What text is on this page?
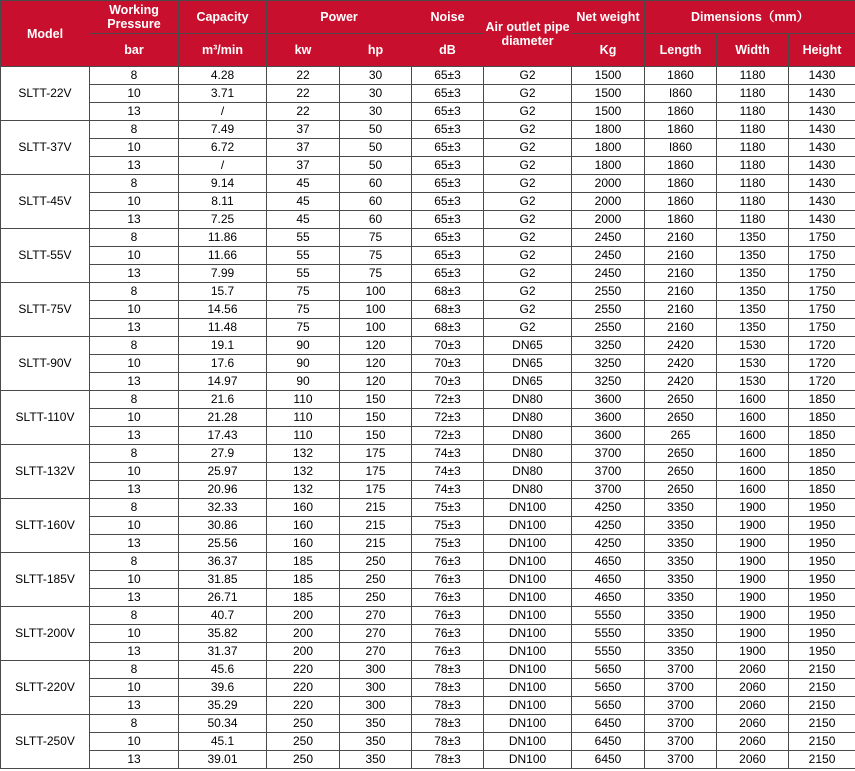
Model	Working Pressure	Capacity	Power		Noise	Air outlet pipe diameter	Net weight	Dimensions（mm）		
	bar	m³/min	kw	hp	dB		Kg	Length	Width	Height
SLTT-22V	8	4.28	22	30	65±3	G2	1500	1860	1180	1430
	10	3.71	22	30	65±3	G2	1500	I860	1180	1430
	13	/	22	30	65±3	G2	1500	1860	1180	1430
SLTT-37V	8	7.49	37	50	65±3	G2	1800	1860	1180	1430
	10	6.72	37	50	65±3	G2	1800	I860	1180	1430
	13	/	37	50	65±3	G2	1800	1860	1180	1430
SLTT-45V	8	9.14	45	60	65±3	G2	2000	1860	1180	1430
	10	8.11	45	60	65±3	G2	2000	1860	1180	1430
	13	7.25	45	60	65±3	G2	2000	1860	1180	1430
SLTT-55V	8	11.86	55	75	65±3	G2	2450	2160	1350	1750
	10	11.66	55	75	65±3	G2	2450	2160	1350	1750
	13	7.99	55	75	65±3	G2	2450	2160	1350	1750
SLTT-75V	8	15.7	75	100	68±3	G2	2550	2160	1350	1750
	10	14.56	75	100	68±3	G2	2550	2160	1350	1750
	13	11.48	75	100	68±3	G2	2550	2160	1350	1750
SLTT-90V	8	19.1	90	120	70±3	DN65	3250	2420	1530	1720
	10	17.6	90	120	70±3	DN65	3250	2420	1530	1720
	13	14.97	90	120	70±3	DN65	3250	2420	1530	1720
SLTT-110V	8	21.6	110	150	72±3	DN80	3600	2650	1600	1850
	10	21.28	110	150	72±3	DN80	3600	2650	1600	1850
	13	17.43	110	150	72±3	DN80	3600	265	1600	1850
SLTT-132V	8	27.9	132	175	74±3	DN80	3700	2650	1600	1850
	10	25.97	132	175	74±3	DN80	3700	2650	1600	1850
	13	20.96	132	175	74±3	DN80	3700	2650	1600	1850
SLTT-160V	8	32.33	160	215	75±3	DN100	4250	3350	1900	1950
	10	30.86	160	215	75±3	DN100	4250	3350	1900	1950
	13	25.56	160	215	75±3	DN100	4250	3350	1900	1950
SLTT-185V	8	36.37	185	250	76±3	DN100	4650	3350	1900	1950
	10	31.85	185	250	76±3	DN100	4650	3350	1900	1950
	13	26.71	185	250	76±3	DN100	4650	3350	1900	1950
SLTT-200V	8	40.7	200	270	76±3	DN100	5550	3350	1900	1950
	10	35.82	200	270	76±3	DN100	5550	3350	1900	1950
	13	31.37	200	270	76±3	DN100	5550	3350	1900	1950
SLTT-220V	8	45.6	220	300	78±3	DN100	5650	3700	2060	2150
	10	39.6	220	300	78±3	DN100	5650	3700	2060	2150
	13	35.29	220	300	78±3	DN100	5650	3700	2060	2150
SLTT-250V	8	50.34	250	350	78±3	DN100	6450	3700	2060	2150
	10	45.1	250	350	78±3	DN100	6450	3700	2060	2150
	13	39.01	250	350	78±3	DN100	6450	3700	2060	2150
